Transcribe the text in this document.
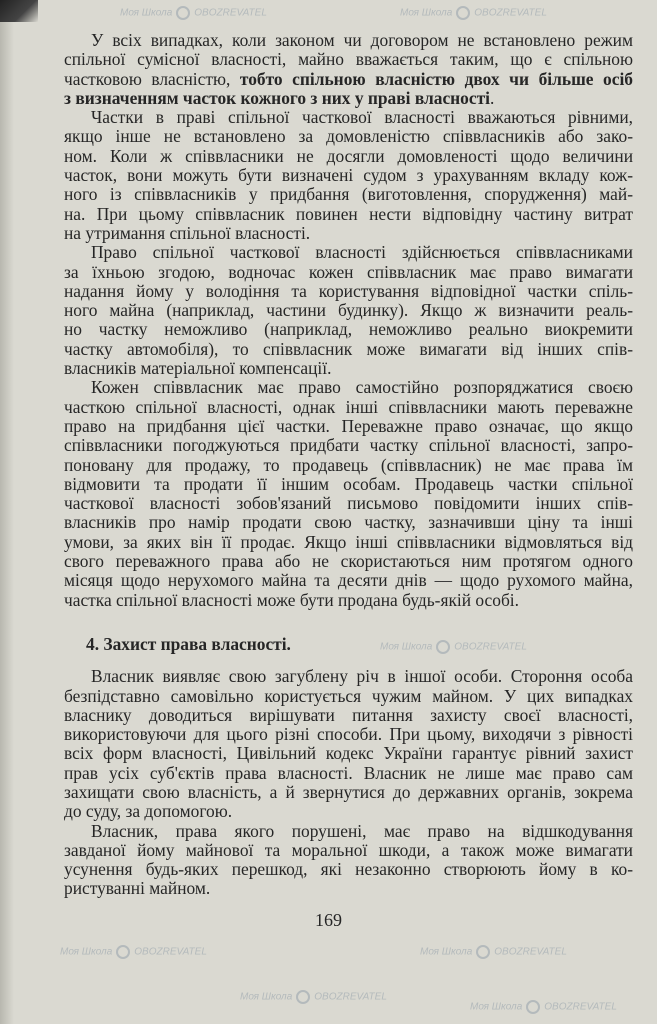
Моя Школа OBOZREVATEL	Моя Школа OBOZREVATEL
Моя Школа OBOZREVATEL
Моя Школа OBOZREVATEL	Моя Школа OBOZREVATEL
Моя Школа OBOZREVATEL
Моя Школа OBOZREVATEL
У всіх випадках, коли законом чи договором не встановлено режим
спільної сумісної власності, майно вважається таким, що є спільною
частковою власністю, тобто спільною власністю двох чи більше осіб
з визначенням часток кожного з них у праві власності.
Частки в праві спільної часткової власності вважаються рівними,
якщо інше не встановлено за домовленістю співвласників або зако-
ном. Коли ж співвласники не досягли домовленості щодо величини
часток, вони можуть бути визначені судом з урахуванням вкладу кож-
ного із співвласників у придбання (виготовлення, спорудження) май-
на. При цьому співвласник повинен нести відповідну частину витрат
на утримання спільної власності.
Право спільної часткової власності здійснюється співвласниками
за їхньою згодою, водночас кожен співвласник має право вимагати
надання йому у володіння та користування відповідної частки спіль-
ного майна (наприклад, частини будинку). Якщо ж визначити реаль-
но частку неможливо (наприклад, неможливо реально виокремити
частку автомобіля), то співвласник може вимагати від інших спів-
власників матеріальної компенсації.
Кожен співвласник має право самостійно розпоряджатися своєю
часткою спільної власності, однак інші співвласники мають переважне
право на придбання цієї частки. Переважне право означає, що якщо
співвласники погоджуються придбати частку спільної власності, запро-
поновану для продажу, то продавець (співвласник) не має права їм
відмовити та продати її іншим особам. Продавець частки спільної
часткової власності зобов'язаний письмово повідомити інших спів-
власників про намір продати свою частку, зазначивши ціну та інші
умови, за яких він її продає. Якщо інші співвласники відмовляться від
свого переважного права або не скористаються ним протягом одного
місяця щодо нерухомого майна та десяти днів — щодо рухомого майна,
частка спільної власності може бути продана будь-якій особі.
4. Захист права власності.
Власник виявляє свою загублену річ в іншої особи. Стороння особа
безпідставно самовільно користується чужим майном. У цих випадках
власнику доводиться вирішувати питання захисту своєї власності,
використовуючи для цього різні способи. При цьому, виходячи з рівності
всіх форм власності, Цивільний кодекс України гарантує рівний захист
прав усіх суб'єктів права власності. Власник не лише має право сам
захищати свою власність, а й звернутися до державних органів, зокрема
до суду, за допомогою.
Власник, права якого порушені, має право на відшкодування
завданої йому майнової та моральної шкоди, а також може вимагати
усунення будь-яких перешкод, які незаконно створюють йому в ко-
ристуванні майном.
169
